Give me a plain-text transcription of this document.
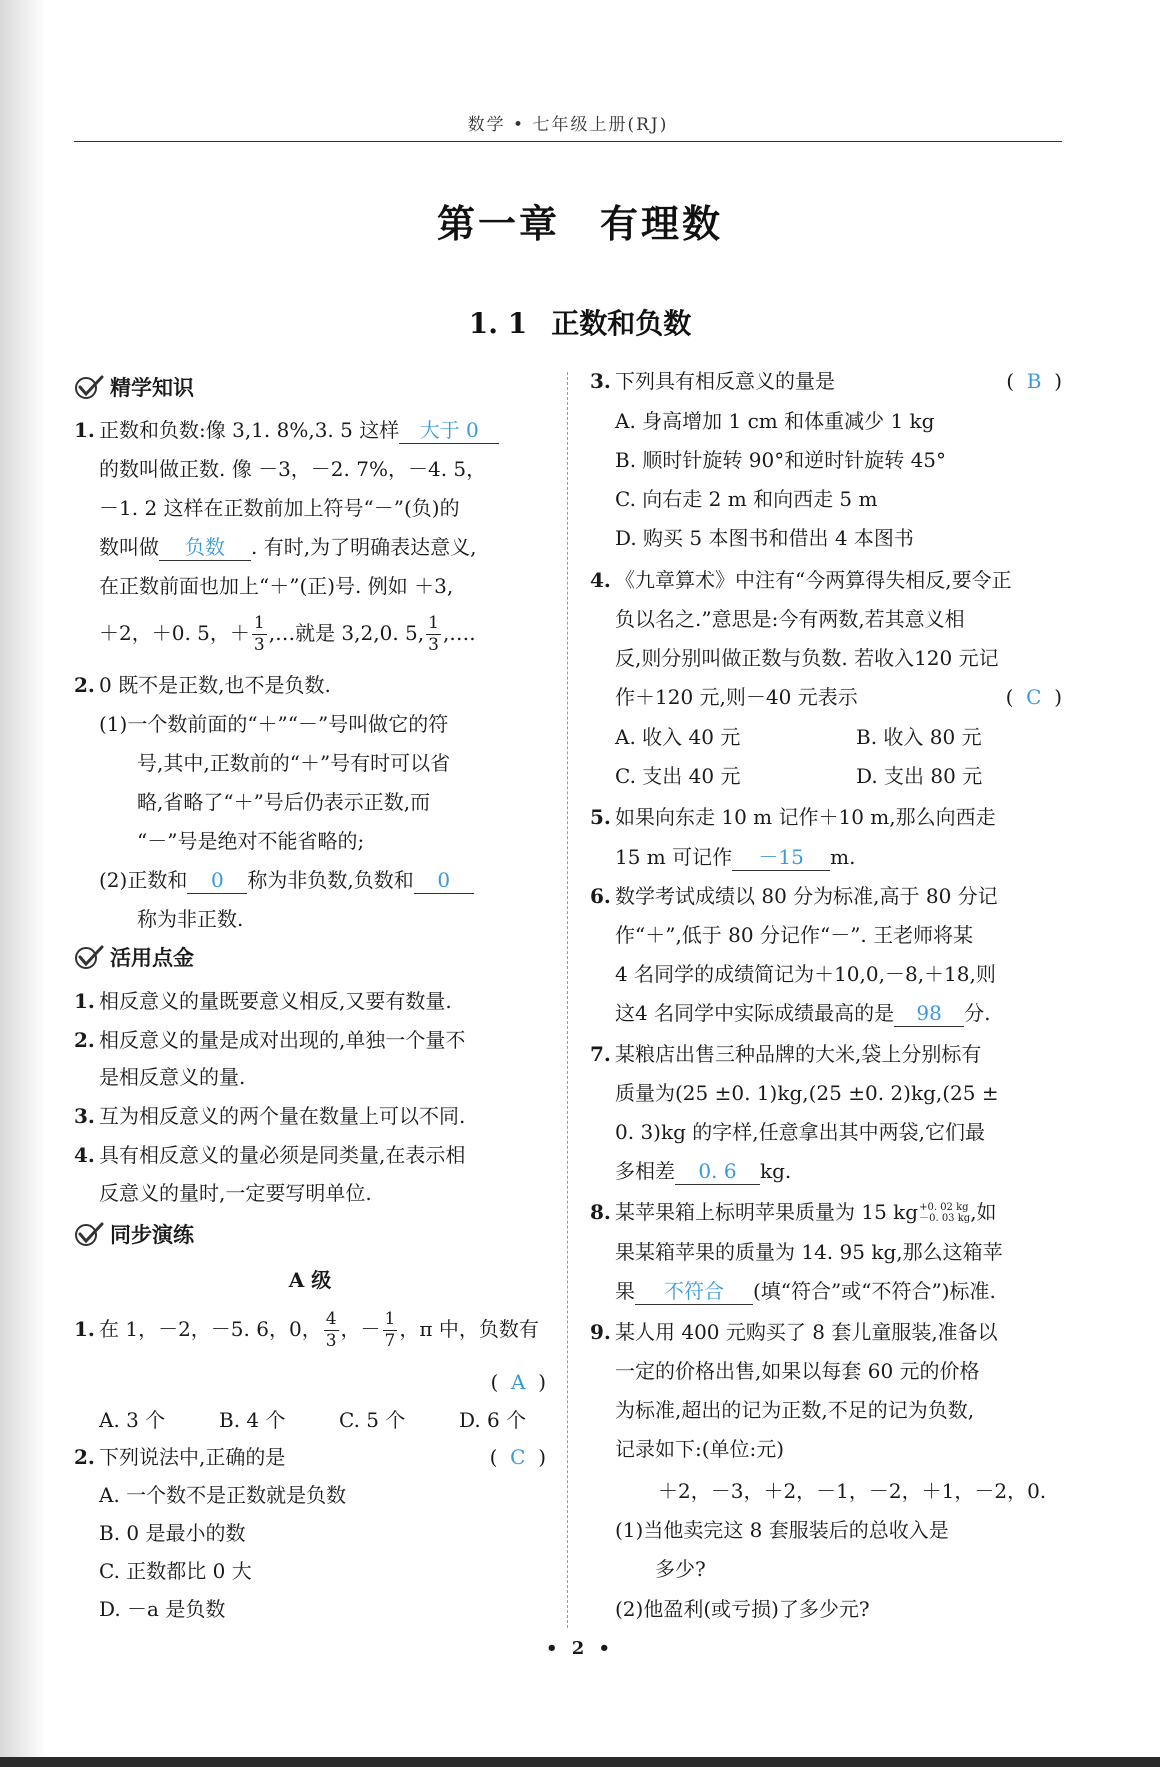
数学 • 七年级上册(RJ)
第一章 有理数
1. 1 正数和负数
精学知识
1. 正数和负数:像 3,1. 8%,3. 5 这样 大于 0
的数叫做正数. 像 －3，－2. 7%，－4. 5，
－1. 2 这样在正数前加上符号“－”(负)的
数叫做 负数 . 有时,为了明确表达意义,
在正数前面也加上“＋”(正)号. 例如 ＋3,
＋2，＋0. 5，＋ $\frac{1}{3}$ ,…就是 3,2,0. 5, $\frac{1}{3}$ ,….
2. 0 既不是正数,也不是负数.
(1)一个数前面的“＋”“－”号叫做它的符
号,其中,正数前的“＋”号有时可以省
略,省略了“＋”号后仍表示正数,而
“－”号是绝对不能省略的;
(2)正数和 0 称为非负数,负数和 0
称为非正数.
活用点金
1. 相反意义的量既要意义相反,又要有数量.
2. 相反意义的量是成对出现的,单独一个量不
是相反意义的量.
3. 互为相反意义的两个量在数量上可以不同.
4. 具有相反意义的量必须是同类量,在表示相
反意义的量时,一定要写明单位.
同步演练
A 级
1. 在 1，－2，－5. 6，0， $\frac{4}{3}$ ，－ $\frac{1}{7}$ ，π 中，负数有
( A )
A. 3 个	B. 4 个	C. 5 个	D. 6 个
2. 下列说法中,正确的是	( C )
A. 一个数不是正数就是负数
B. 0 是最小的数
C. 正数都比 0 大
D. －a 是负数
3. 下列具有相反意义的量是	( B )
A. 身高增加 1 cm 和体重减少 1 kg
B. 顺时针旋转 90°和逆时针旋转 45°
C. 向右走 2 m 和向西走 5 m
D. 购买 5 本图书和借出 4 本图书
4. 《九章算术》中注有“今两算得失相反,要令正
负以名之.”意思是:今有两数,若其意义相
反,则分别叫做正数与负数. 若收入120 元记
作＋120 元,则－40 元表示	( C )
A. 收入 40 元	B. 收入 80 元
C. 支出 40 元	D. 支出 80 元
5. 如果向东走 10 m 记作＋10 m,那么向西走
15 m 可记作 －15 m.
6. 数学考试成绩以 80 分为标准,高于 80 分记
作“＋”,低于 80 分记作“－”. 王老师将某
4 名同学的成绩简记为＋10,0,－8,＋18,则
这4 名同学中实际成绩最高的是 98 分.
7. 某粮店出售三种品牌的大米,袋上分别标有
质量为(25 ±0. 1)kg,(25 ±0. 2)kg,(25 ±
0. 3)kg 的字样,任意拿出其中两袋,它们最
多相差 0. 6 kg.
8. 某苹果箱上标明苹果质量为 15 kg +0. 02 kg
－0. 03 kg ,如
果某箱苹果的质量为 14. 95 kg,那么这箱苹
果 不符合 (填“符合”或“不符合”)标准.
9. 某人用 400 元购买了 8 套儿童服装,准备以
一定的价格出售,如果以每套 60 元的价格
为标准,超出的记为正数,不足的记为负数,
记录如下:(单位:元)
＋2，－3，＋2，－1，－2，＋1，－2，0.
(1)当他卖完这 8 套服装后的总收入是
多少?
(2)他盈利(或亏损)了多少元?
• 2 •
